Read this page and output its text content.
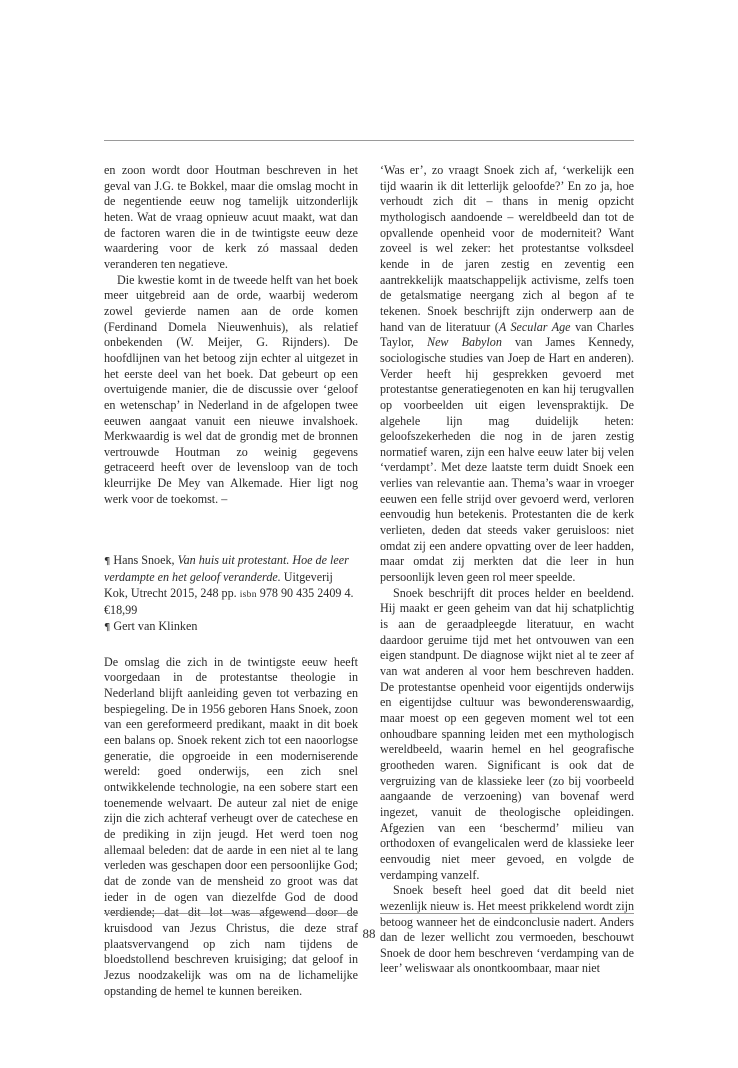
en zoon wordt door Houtman beschreven in het geval van J.G. te Bokkel, maar die omslag mocht in de negentiende eeuw nog tamelijk uitzonderlijk heten. Wat de vraag opnieuw acuut maakt, wat dan de factoren waren die in de twintigste eeuw deze waardering voor de kerk zó massaal deden veranderen ten negatieve.

Die kwestie komt in de tweede helft van het boek meer uitgebreid aan de orde, waarbij wederom zowel gevierde namen aan de orde komen (Ferdinand Domela Nieuwenhuis), als relatief onbekenden (W. Meijer, G. Rijnders). De hoofdlijnen van het betoog zijn echter al uitgezet in het eerste deel van het boek. Dat gebeurt op een overtuigende manier, die de discussie over ‘geloof en wetenschap’ in Nederland in de afgelopen twee eeuwen aangaat vanuit een nieuwe invalshoek. Merkwaardig is wel dat de grondig met de bronnen vertrouwde Houtman zo weinig gegevens getraceerd heeft over de levensloop van de toch kleurrijke De Mey van Alkemade. Hier ligt nog werk voor de toekomst. –

¶ Hans Snoek, Van huis uit protestant. Hoe de leer verdampte en het geloof veranderde. Uitgeverij Kok, Utrecht 2015, 248 pp. isbn 978 90 435 2409 4. €18,99

¶ Gert van Klinken

De omslag die zich in de twintigste eeuw heeft voorgedaan in de protestantse theologie in Nederland blijft aanleiding geven tot verbazing en bespiegeling. De in 1956 geboren Hans Snoek, zoon van een gereformeerd predikant, maakt in dit boek een balans op. Snoek rekent zich tot een naoorlogse generatie, die opgroeide in een moderniserende wereld: goed onderwijs, een zich snel ontwikkelende technologie, na een sobere start een toenemende welvaart. De auteur zal niet de enige zijn die zich achteraf verheugt over de catechese en de prediking in zijn jeugd. Het werd toen nog allemaal beleden: dat de aarde in een niet al te lang verleden was geschapen door een persoonlijke God; dat de zonde van de mensheid zo groot was dat ieder in de ogen van diezelfde God de dood kruisdood van Jezus Christus, die deze straf plaatsvervangend op zich nam tijdens de bloedstollend beschreven kruisiging; dat geloof in Jezus noodzakelijk was om na de lichamelijke opstanding de hemel te kunnen bereiken.

‘Was er’, zo vraagt Snoek zich af, ‘werkelijk een tijd waarin ik dit letterlijk geloofde?’ En zo ja, hoe verhoudt zich dit – thans in menig opzicht mythologisch aandoende – wereldbeeld dan tot de opvallende openheid voor de moderniteit? Want zoveel is wel zeker: het protestantse volksdeel kende in de jaren zestig en zeventig een aantrekkelijk maatschappelijk activisme, zelfs toen de getalsmatige neergang zich al begon af te tekenen. Snoek beschrijft zijn onderwerp aan de hand van de literatuur (A Secular Age van Charles Taylor, New Babylon van James Kennedy, sociologische studies van Joep de Hart en anderen). Verder heeft hij gesprekken gevoerd met protestantse generatiegenoten en kan hij terugvallen op voorbeelden uit eigen levenspraktijk. De algehele lijn mag duidelijk heten: geloofszekerheden die nog in de jaren zestig normatief waren, zijn een halve eeuw later bij velen ‘verdampt’. Met deze laatste term duidt Snoek een verlies van relevantie aan. Thema’s waar in vroeger eeuwen een felle strijd over gevoerd werd, verloren eenvoudig hun betekenis. Protestanten die de kerk verlieten, deden dat steeds vaker geruisloos: niet omdat zij een andere opvatting over de leer hadden, maar omdat zij merkten dat die leer in hun persoonlijk leven geen rol meer speelde.

Snoek beschrijft dit proces helder en beeldend. Hij maakt er geen geheim van dat hij schatplichtig is aan de geraadpleegde literatuur, en wacht daardoor geruime tijd met het ontvouwen van een eigen standpunt. De diagnose wijkt niet al te zeer af van wat anderen al voor hem beschreven hadden. De protestantse openheid voor eigentijds onderwijs en eigentijdse cultuur was bewonderenswaardig, maar moest op een gegeven moment wel tot een onhoudbare spanning leiden met een mythologisch wereldbeeld, waarin hemel en hel geografische grootheden waren. Significant is ook dat de vergruizing van de klassieke leer (zo bij voorbeeld aangaande de verzoening) van bovenaf werd ingezet, vanuit de theologische opleidingen. Afgezien van een ‘beschermd’ milieu van orthodoxen of evangelicalen werd de klassieke leer eenvoudig niet meer gevoed, en volgde de verdamping vanzelf.

Snoek beseft heel goed dat dit beeld niet wezenlijk nieuw is. Het meest prikkelend wordt zijn betoog wanneer het de eindconclusie nadert. Anders dan de lezer wellicht zou vermoeden, beschouwt Snoek de door hem beschreven ‘verdamping van de leer’ weliswaar als onontkoombaar, maar niet

88
